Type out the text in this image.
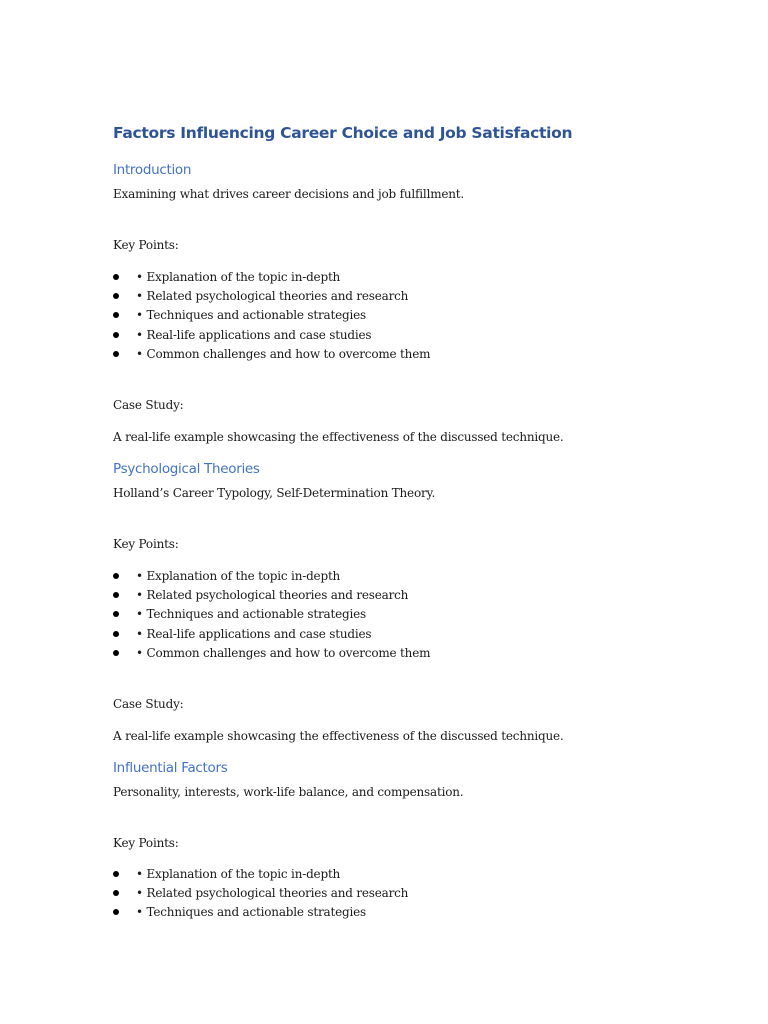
Factors Influencing Career Choice and Job Satisfaction
Introduction

Examining what drives career decisions and job fulfillment.

Key Points:

• Explanation of the topic in-depth
• Related psychological theories and research
• Techniques and actionable strategies
• Real-life applications and case studies
• Common challenges and how to overcome them

Case Study:

A real-life example showcasing the effectiveness of the discussed technique.

Psychological Theories

Holland’s Career Typology, Self-Determination Theory.

Key Points:

• Explanation of the topic in-depth
• Related psychological theories and research
• Techniques and actionable strategies
• Real-life applications and case studies
• Common challenges and how to overcome them

Case Study:

A real-life example showcasing the effectiveness of the discussed technique.

Influential Factors

Personality, interests, work-life balance, and compensation.

Key Points:

• Explanation of the topic in-depth
• Related psychological theories and research
• Techniques and actionable strategies
